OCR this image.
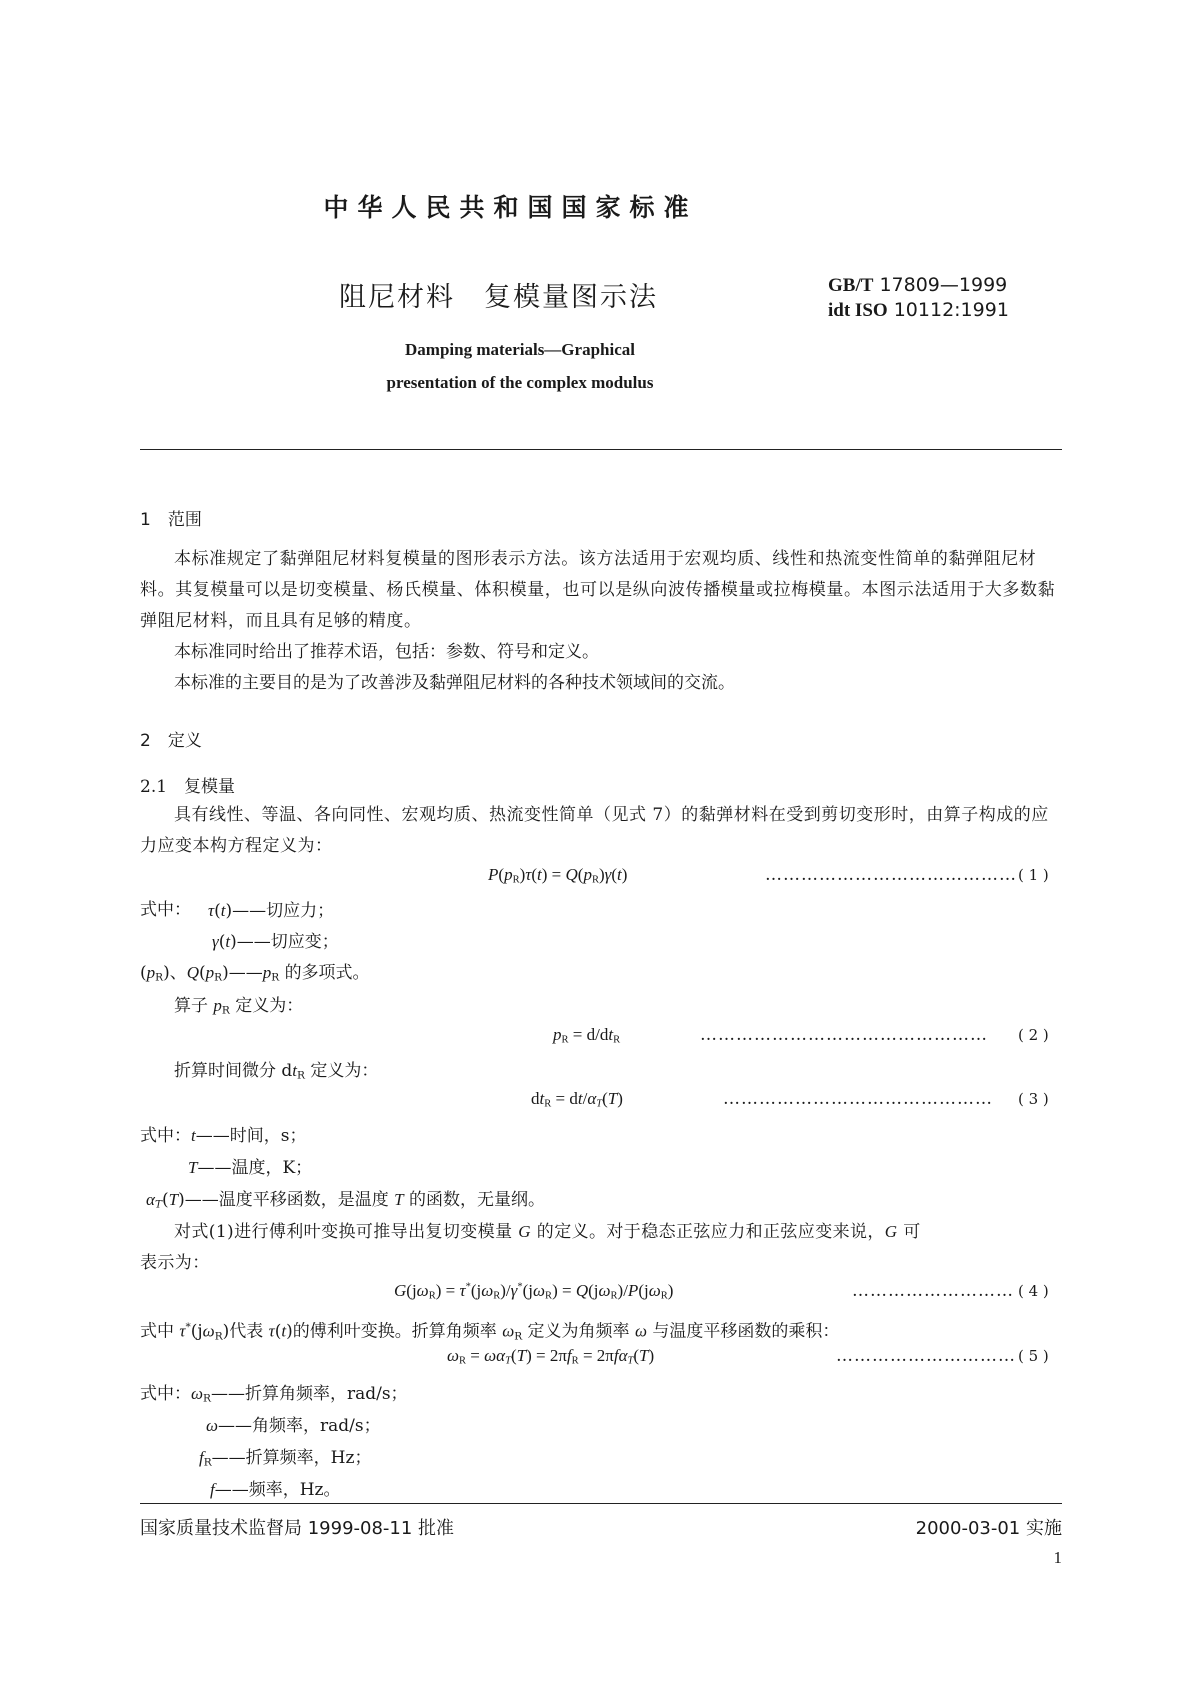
中华人民共和国国家标准
阻尼材料　复模量图示法	GB/T 17809—1999
idt ISO 10112:1991
Damping materials—Graphical
presentation of the complex modulus
1　范围
本标准规定了黏弹阻尼材料复模量的图形表示方法。该方法适用于宏观均质、线性和热流变性简单的黏弹阻尼材料。其复模量可以是切变模量、杨氏模量、体积模量，也可以是纵向波传播模量或拉梅模量。本图示法适用于大多数黏弹阻尼材料，而且具有足够的精度。
本标准同时给出了推荐术语，包括：参数、符号和定义。
本标准的主要目的是为了改善涉及黏弹阻尼材料的各种技术领域间的交流。
2　定义
2.1　复模量
具有线性、等温、各向同性、宏观均质、热流变性简单（见式 7）的黏弹材料在受到剪切变形时，由算子构成的应力应变本构方程定义为：
$P(p_R)\tau(t) = Q(p_R)\gamma(t)$	…………………………………… ( 1 )
式中： τ(t)——切应力；
γ(t)——切应变；
$(p_R)$、$Q(p_R)——p_R$ 的多项式。
算子 $p_R$ 定义为：
$p_R = d/dt_R$	………………………………………… ( 2 )
折算时间微分 $dt_R$ 定义为：
$dt_R = dt/\alpha_T(T)$	……………………………………… ( 3 )
式中：t——时间，s；
T——温度，K；
$\alpha_T(T)——$温度平移函数，是温度 T 的函数，无量纲。
对式(1)进行傅利叶变换可推导出复切变模量 G 的定义。对于稳态正弦应力和正弦应变来说，G 可
表示为：
$G(j\omega_R) = \tau^*(j\omega_R)/\gamma^*(j\omega_R) = Q(j\omega_R)/P(j\omega_R)$	……………………… ( 4 )
式中 $\tau^*(j\omega_R)$代表 τ(t)的傅利叶变换。折算角频率 $\omega_R$ 定义为角频率 ω 与温度平移函数的乘积：
$\omega_R = \omega\alpha_T(T) = 2\pi f_R = 2\pi f\alpha_T(T)$	………………………… ( 5 )
式中：$\omega_R——$折算角频率，rad/s；
ω——角频率，rad/s；
$f_R——$折算频率，Hz；
f——频率，Hz。
国家质量技术监督局 1999-08-11 批准	2000-03-01 实施
1
